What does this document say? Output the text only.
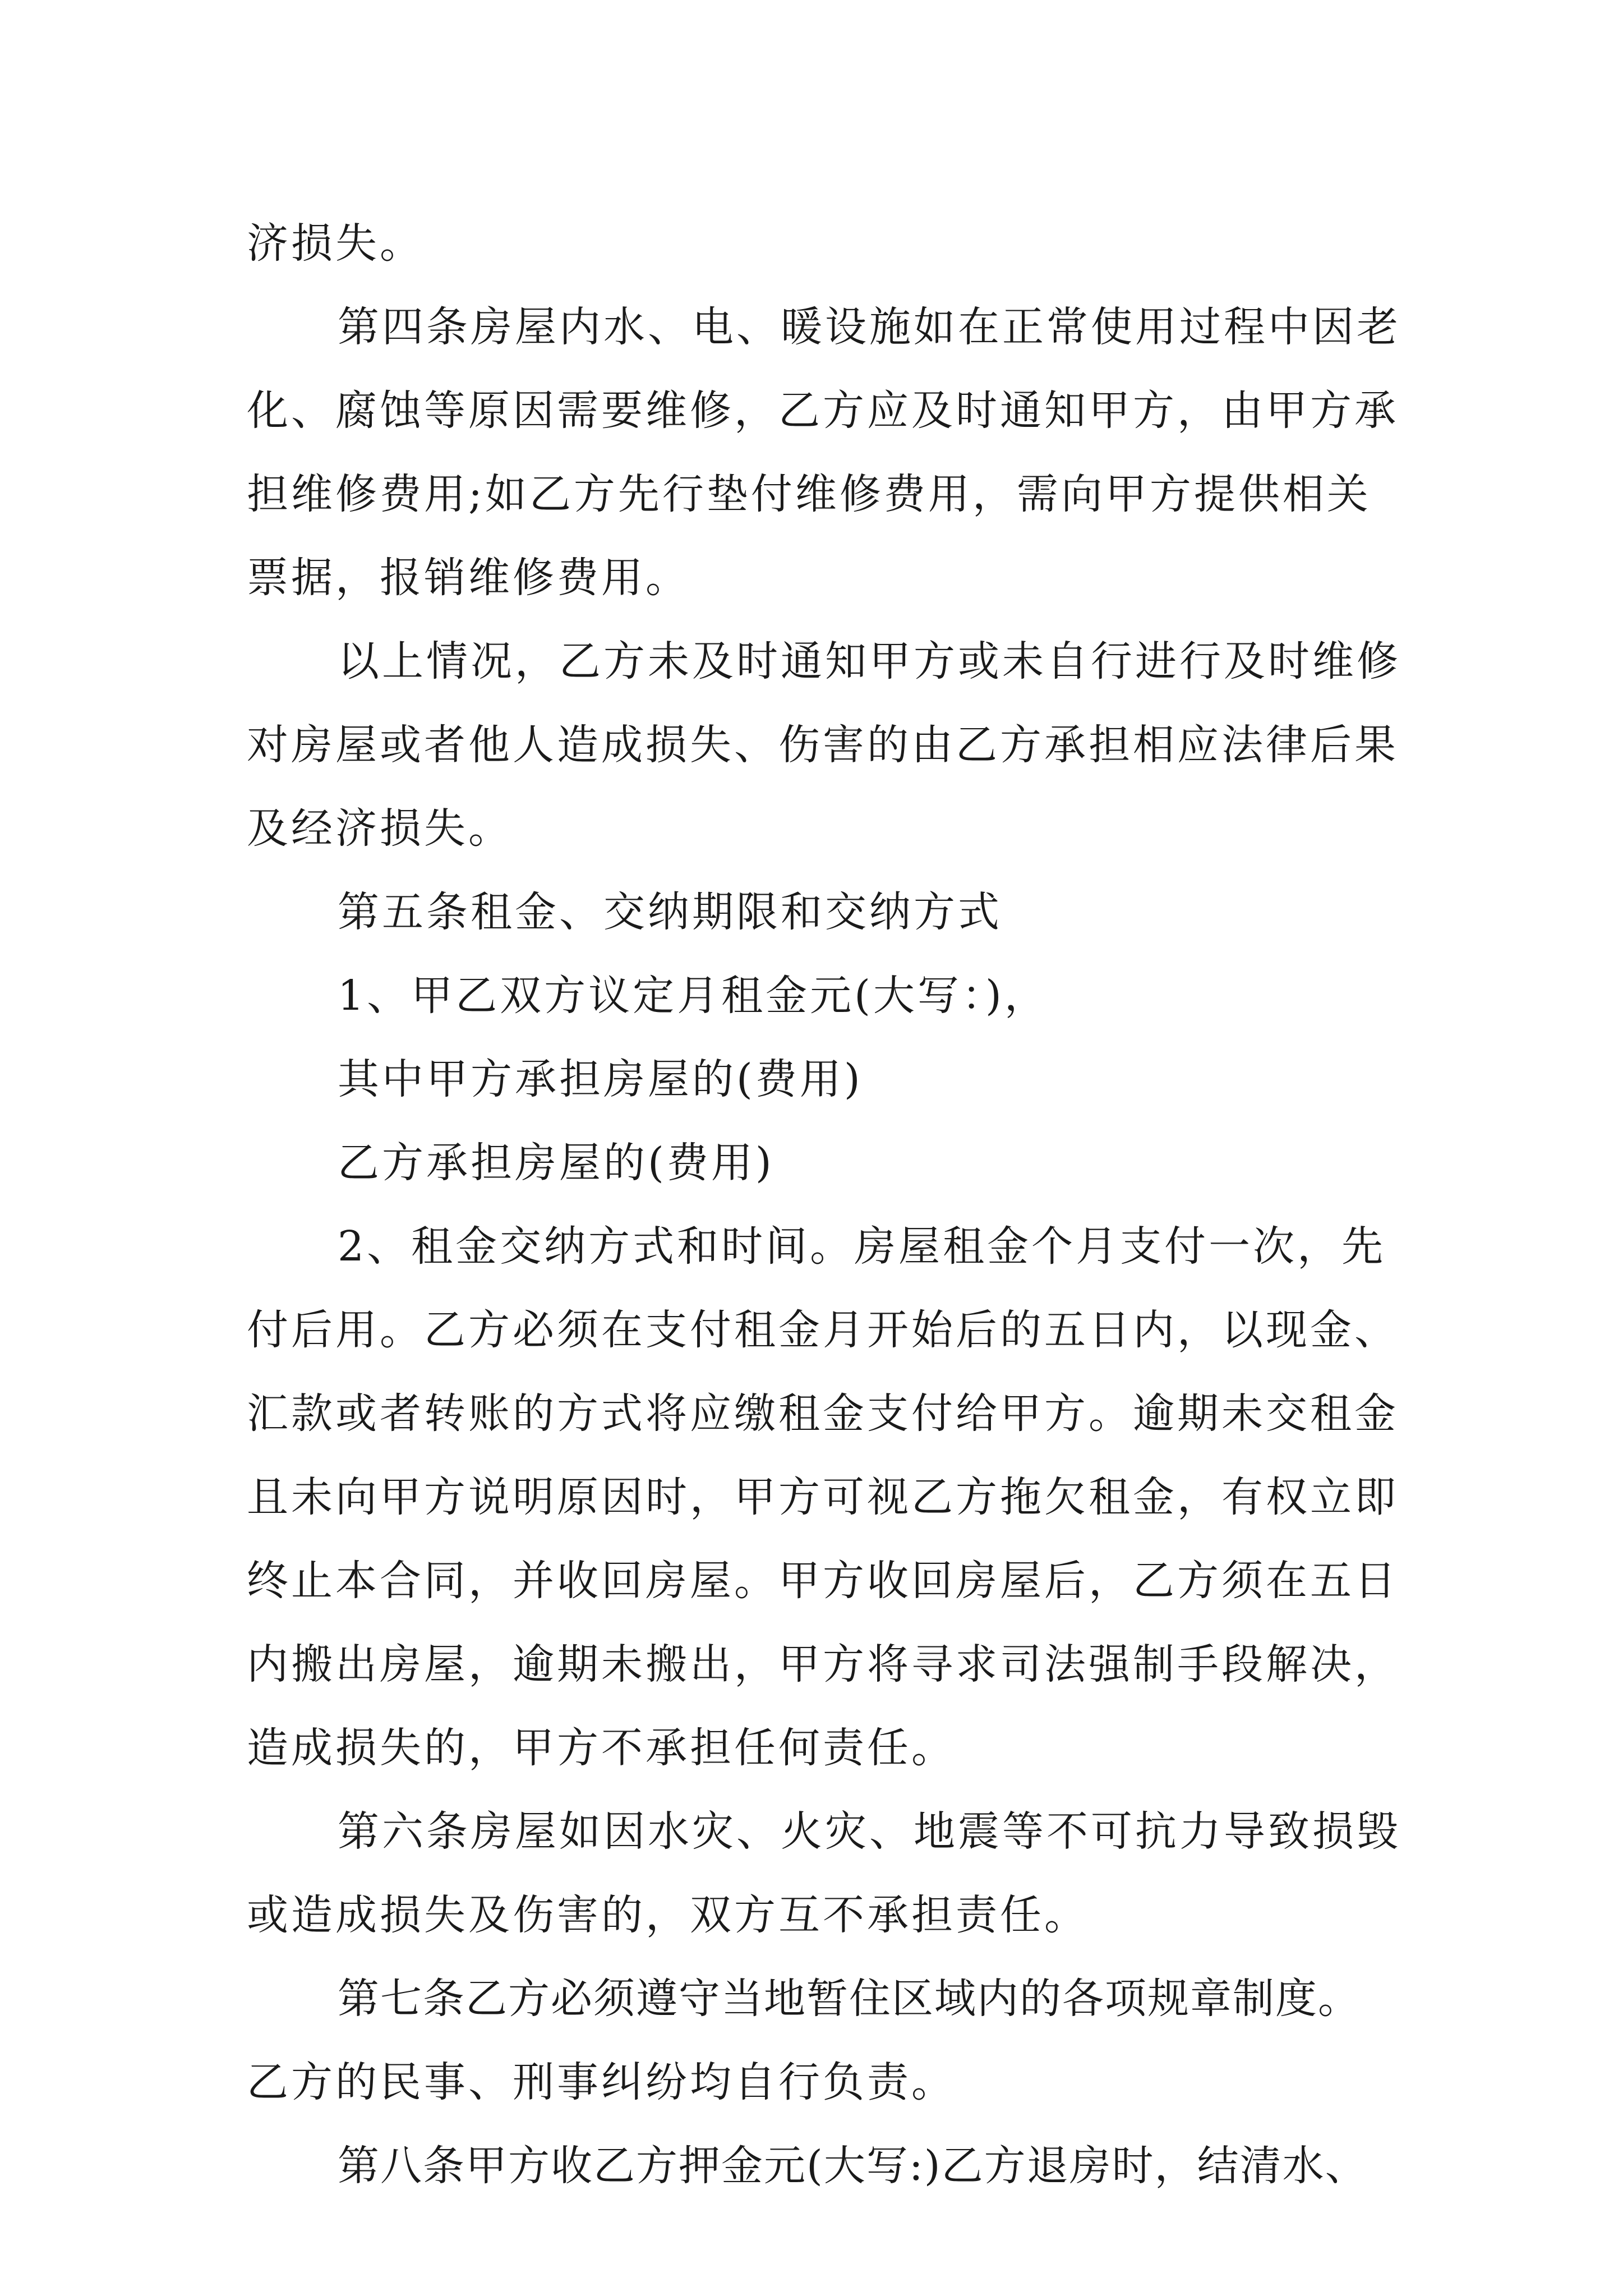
济损失。
第四条房屋内水、电、暖设施如在正常使用过程中因老
化、腐蚀等原因需要维修，乙方应及时通知甲方，由甲方承
担维修费用;如乙方先行垫付维修费用，需向甲方提供相关
票据，报销维修费用。
以上情况，乙方未及时通知甲方或未自行进行及时维修
对房屋或者他人造成损失、伤害的由乙方承担相应法律后果
及经济损失。
第五条租金、交纳期限和交纳方式
1、甲乙双方议定月租金元(大写：)，
其中甲方承担房屋的(费用)
乙方承担房屋的(费用)
2、租金交纳方式和时间。房屋租金个月支付一次，先
付后用。乙方必须在支付租金月开始后的五日内，以现金、
汇款或者转账的方式将应缴租金支付给甲方。逾期未交租金
且未向甲方说明原因时，甲方可视乙方拖欠租金，有权立即
终止本合同，并收回房屋。甲方收回房屋后，乙方须在五日
内搬出房屋，逾期未搬出，甲方将寻求司法强制手段解决，
造成损失的，甲方不承担任何责任。
第六条房屋如因水灾、火灾、地震等不可抗力导致损毁
或造成损失及伤害的，双方互不承担责任。
第七条乙方必须遵守当地暂住区域内的各项规章制度。
乙方的民事、刑事纠纷均自行负责。
第八条甲方收乙方押金元(大写:)乙方退房时，结清水、
